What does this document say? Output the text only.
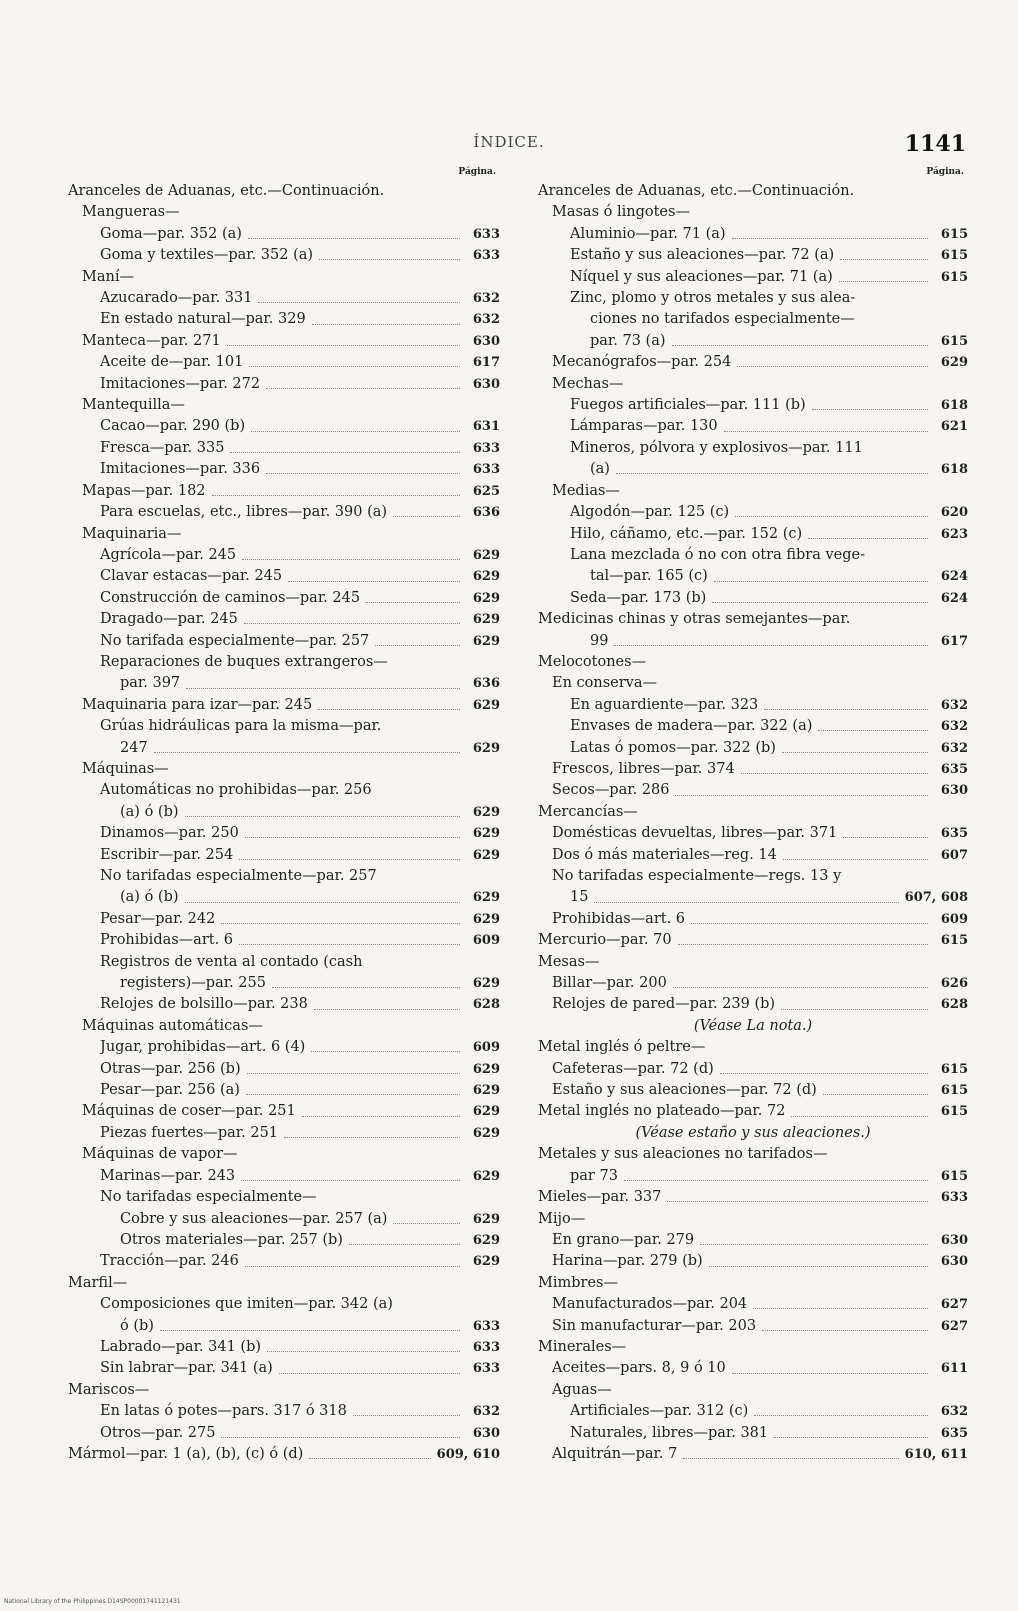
ÍNDICE.	1141
Página.
Aranceles de Aduanas, etc.—Continuación.
Mangueras—
Goma—par. 352 (a)	633
Goma y textiles—par. 352 (a)	633
Maní—
Azucarado—par. 331	632
En estado natural—par. 329	632
Manteca—par. 271	630
Aceite de—par. 101	617
Imitaciones—par. 272	630
Mantequilla—
Cacao—par. 290 (b)	631
Fresca—par. 335	633
Imitaciones—par. 336	633
Mapas—par. 182	625
Para escuelas, etc., libres—par. 390 (a)	636
Maquinaria—
Agrícola—par. 245	629
Clavar estacas—par. 245	629
Construcción de caminos—par. 245	629
Dragado—par. 245	629
No tarifada especialmente—par. 257	629
Reparaciones de buques extrangeros—
par. 397	636
Maquinaria para izar—par. 245	629
Grúas hidráulicas para la misma—par.
247	629
Máquinas—
Automáticas no prohibidas—par. 256
(a) ó (b)	629
Dinamos—par. 250	629
Escribir—par. 254	629
No tarifadas especialmente—par. 257
(a) ó (b)	629
Pesar—par. 242	629
Prohibidas—art. 6	609
Registros de venta al contado (cash
registers)—par. 255	629
Relojes de bolsillo—par. 238	628
Máquinas automáticas—
Jugar, prohibidas—art. 6 (4)	609
Otras—par. 256 (b)	629
Pesar—par. 256 (a)	629
Máquinas de coser—par. 251	629
Piezas fuertes—par. 251	629
Máquinas de vapor—
Marinas—par. 243	629
No tarifadas especialmente—
Cobre y sus aleaciones—par. 257 (a)	629
Otros materiales—par. 257 (b)	629
Tracción—par. 246	629
Marfil—
Composiciones que imiten—par. 342 (a)
ó (b)	633
Labrado—par. 341 (b)	633
Sin labrar—par. 341 (a)	633
Mariscos—
En latas ó potes—pars. 317 ó 318	632
Otros—par. 275	630
Mármol—par. 1 (a), (b), (c) ó (d)	609, 610
Página.
Aranceles de Aduanas, etc.—Continuación.
Masas ó lingotes—
Aluminio—par. 71 (a)	615
Estaño y sus aleaciones—par. 72 (a)	615
Níquel y sus aleaciones—par. 71 (a)	615
Zinc, plomo y otros metales y sus alea-
ciones no tarifados especialmente—
par. 73 (a)	615
Mecanógrafos—par. 254	629
Mechas—
Fuegos artificiales—par. 111 (b)	618
Lámparas—par. 130	621
Mineros, pólvora y explosivos—par. 111
(a)	618
Medias—
Algodón—par. 125 (c)	620
Hilo, cáñamo, etc.—par. 152 (c)	623
Lana mezclada ó no con otra fibra vege-
tal—par. 165 (c)	624
Seda—par. 173 (b)	624
Medicinas chinas y otras semejantes—par.
99	617
Melocotones—
En conserva—
En aguardiente—par. 323	632
Envases de madera—par. 322 (a)	632
Latas ó pomos—par. 322 (b)	632
Frescos, libres—par. 374	635
Secos—par. 286	630
Mercancías—
Domésticas devueltas, libres—par. 371	635
Dos ó más materiales—reg. 14	607
No tarifadas especialmente—regs. 13 y
15	607, 608
Prohibidas—art. 6	609
Mercurio—par. 70	615
Mesas—
Billar—par. 200	626
Relojes de pared—par. 239 (b)	628
(Véase La nota.)
Metal inglés ó peltre—
Cafeteras—par. 72 (d)	615
Estaño y sus aleaciones—par. 72 (d)	615
Metal inglés no plateado—par. 72	615
(Véase estaño y sus aleaciones.)
Metales y sus aleaciones no tarifados—
par 73	615
Mieles—par. 337	633
Mijo—
En grano—par. 279	630
Harina—par. 279 (b)	630
Mimbres—
Manufacturados—par. 204	627
Sin manufacturar—par. 203	627
Minerales—
Aceites—pars. 8, 9 ó 10	611
Aguas—
Artificiales—par. 312 (c)	632
Naturales, libres—par. 381	635
Alquitrán—par. 7	610, 611
National Library of the Philippines D14SP00001741121431
